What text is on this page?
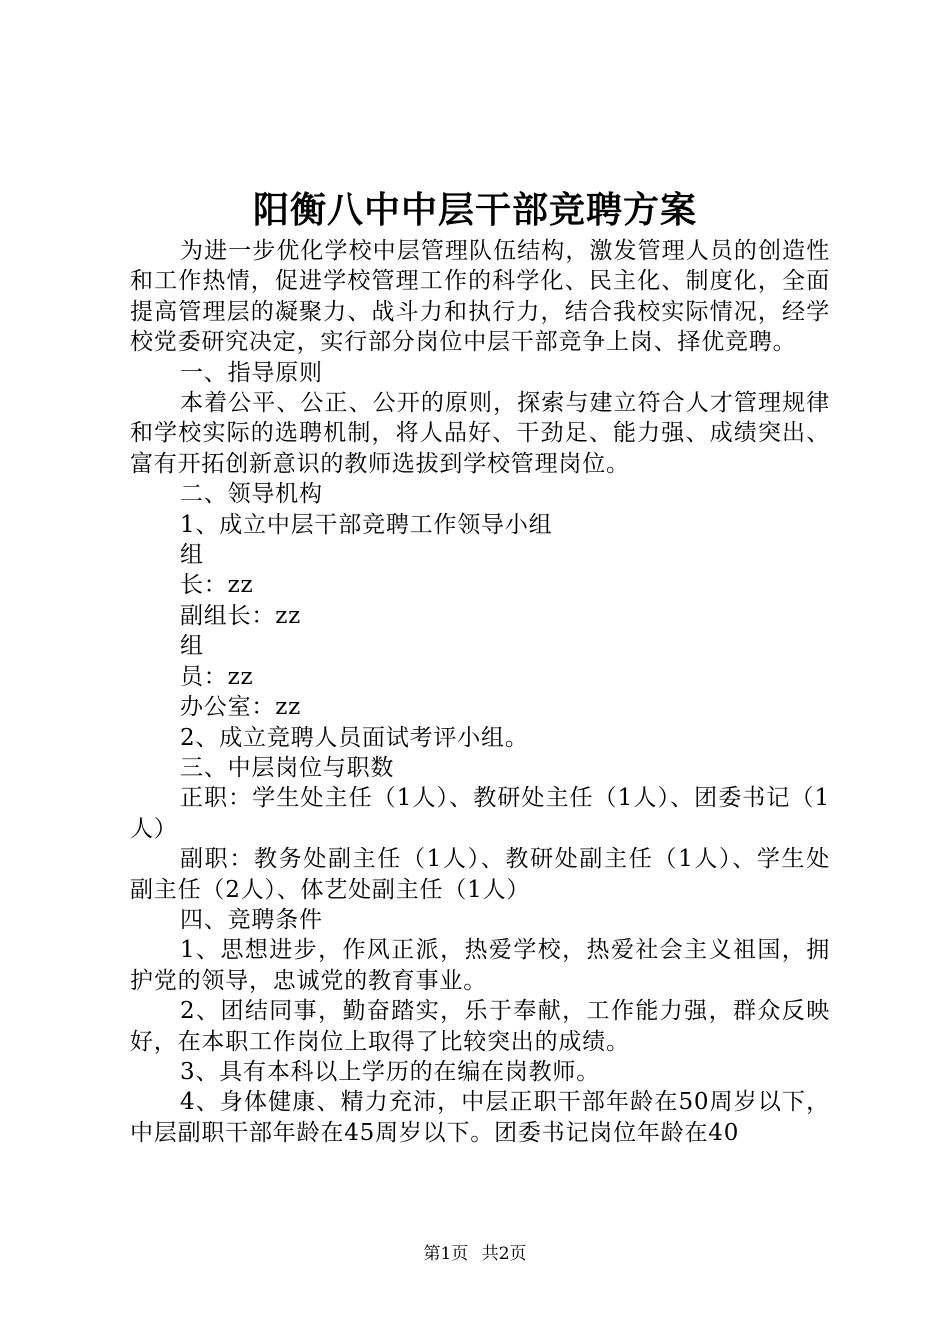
阳衡八中中层干部竞聘方案

为进一步优化学校中层管理队伍结构，激发管理人员的创造性和工作热情，促进学校管理工作的科学化、民主化、制度化，全面提高管理层的凝聚力、战斗力和执行力，结合我校实际情况，经学校党委研究决定，实行部分岗位中层干部竞争上岗、择优竞聘。

一、指导原则

本着公平、公正、公开的原则，探索与建立符合人才管理规律和学校实际的选聘机制，将人品好、干劲足、能力强、成绩突出、富有开拓创新意识的教师选拔到学校管理岗位。

二、领导机构

1、成立中层干部竞聘工作领导小组

组

长：zz

副组长：zz

组

员：zz

办公室：zz

2、成立竞聘人员面试考评小组。

三、中层岗位与职数

正职：学生处主任（1人）、教研处主任（1人）、团委书记（1人）

副职：教务处副主任（1人）、教研处副主任（1人）、学生处副主任（2人）、体艺处副主任（1人）

四、竞聘条件

1、思想进步，作风正派，热爱学校，热爱社会主义祖国，拥护党的领导，忠诚党的教育事业。

2、团结同事，勤奋踏实，乐于奉献，工作能力强，群众反映好，在本职工作岗位上取得了比较突出的成绩。

3、具有本科以上学历的在编在岗教师。

4、身体健康、精力充沛，中层正职干部年龄在50周岁以下，中层副职干部年龄在45周岁以下。团委书记岗位年龄在40

第1页 共2页
